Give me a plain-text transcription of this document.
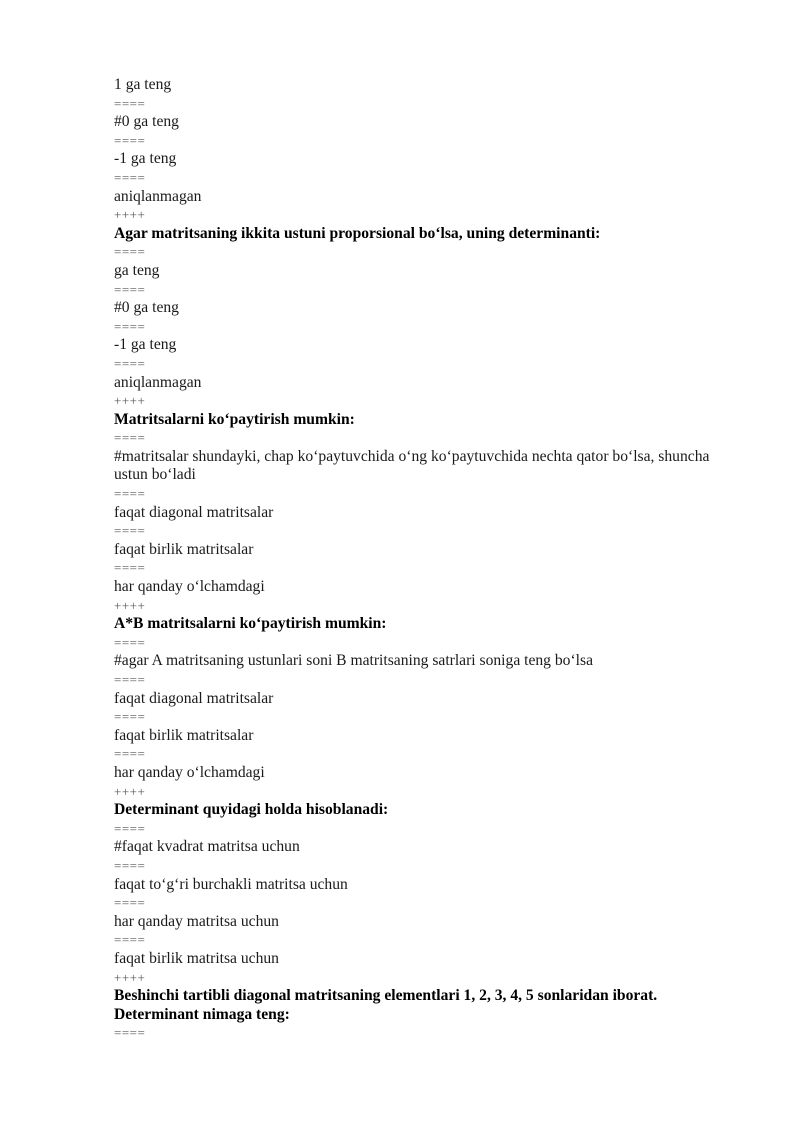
1 ga teng
====
#0 ga teng
====
-1 ga teng
====
aniqlanmagan
++++
Agar matritsaning ikkita ustuni proporsional bo‘lsa, uning determinanti:
====
ga teng
====
#0 ga teng
====
-1 ga teng
====
aniqlanmagan
++++
Matritsalarni ko‘paytirish mumkin:
====
#matritsalar shundayki, chap ko‘paytuvchida o‘ng ko‘paytuvchida nechta qator bo‘lsa, shuncha ustun bo‘ladi
====
faqat diagonal matritsalar
====
faqat birlik matritsalar
====
har qanday o‘lchamdagi
++++
A*B matritsalarni ko‘paytirish mumkin:
====
#agar A matritsaning ustunlari soni B matritsaning satrlari soniga teng bo‘lsa
====
faqat diagonal matritsalar
====
faqat birlik matritsalar
====
har qanday o‘lchamdagi
++++
Determinant quyidagi holda hisoblanadi:
====
#faqat kvadrat matritsa uchun
====
faqat to‘g‘ri burchakli matritsa uchun
====
har qanday matritsa uchun
====
faqat birlik matritsa uchun
++++
Beshinchi tartibli diagonal matritsaning elementlari 1, 2, 3, 4, 5 sonlaridan iborat. Determinant nimaga teng:
====
